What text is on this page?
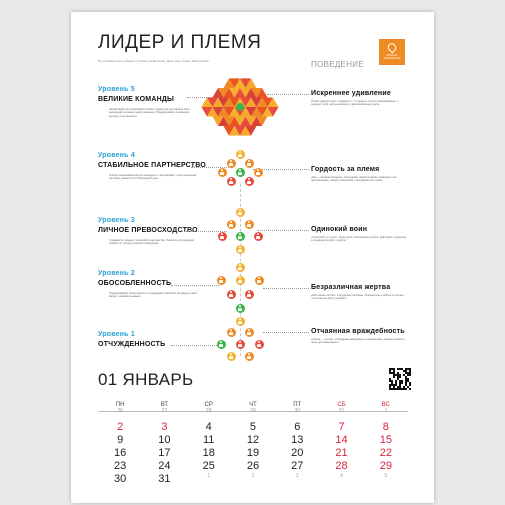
ЛИДЕР И ПЛЕМЯ
По мотивам книги «Лидер и Племя» Дэйв Логан, Джон Кинг, Хэйли Фишер-Райт
MOSCOW ACCELERATOR
ПОВЕДЕНИЕ
Уровень 5
ВЕЛИКИЕ КОМАНДЫ
Задействуйте все возможности своих людей для достижения цели, выходящей за рамки одной компании. Поддерживайте племенную культуру и её ценности.
Искреннее удивление
Племя удивляет мир, создавая то, что раньше считали невозможным, и ощущает себя частью великого и вдохновляющего дела.
Уровень 4
СТАБИЛЬНОЕ ПАРТНЕРСТВО
Усильте взаимосвязи внутри команды и с партнёрами, строя отношения на общих ценностях и благородной цели.
Гордость за племя
«Мы — великая команда». Сотрудники гордятся своим племенем и его достижениями, находят союзников и объединяются с ними.
Уровень 3
ЛИЧНОЕ ПРЕВОСХОДСТВО
Создавайте триады и поощряйте партнёрство. Помогите сотрудникам перейти от личных успехов к командным.
Одинокий воин
«Я великий, а ты нет». Люди ценят собственные успехи, действуют в одиночку и соревнуются друг с другом.
Уровень 2
ОБОСОБЛЕННОСТЬ
Поддерживайте проактивность сотрудников, помогайте им увидеть свой вклад и развивать навыки.
Безразличная жертва
«Моя жизнь отстой». Сотрудники пассивны, безразличны к работе и считают, что ничего не могут изменить.
Уровень 1
ОТЧУЖДЕННОСТЬ
Отчаянная враждебность
«Жизнь — отстой». Сотрудники враждебны и недоверчивы, держатся вместе лишь для самозащиты.
01 ЯНВАРЬ
ПН	ВТ	СР	ЧТ	ПТ	СБ	ВС
26	27	28	29	30	31	1
2	3	4	5	6	7	8
9	10	11	12	13	14	15
16	17	18	19	20	21	22
23	24	25	26	27	28	29
30	31	1	2	3	4	5
